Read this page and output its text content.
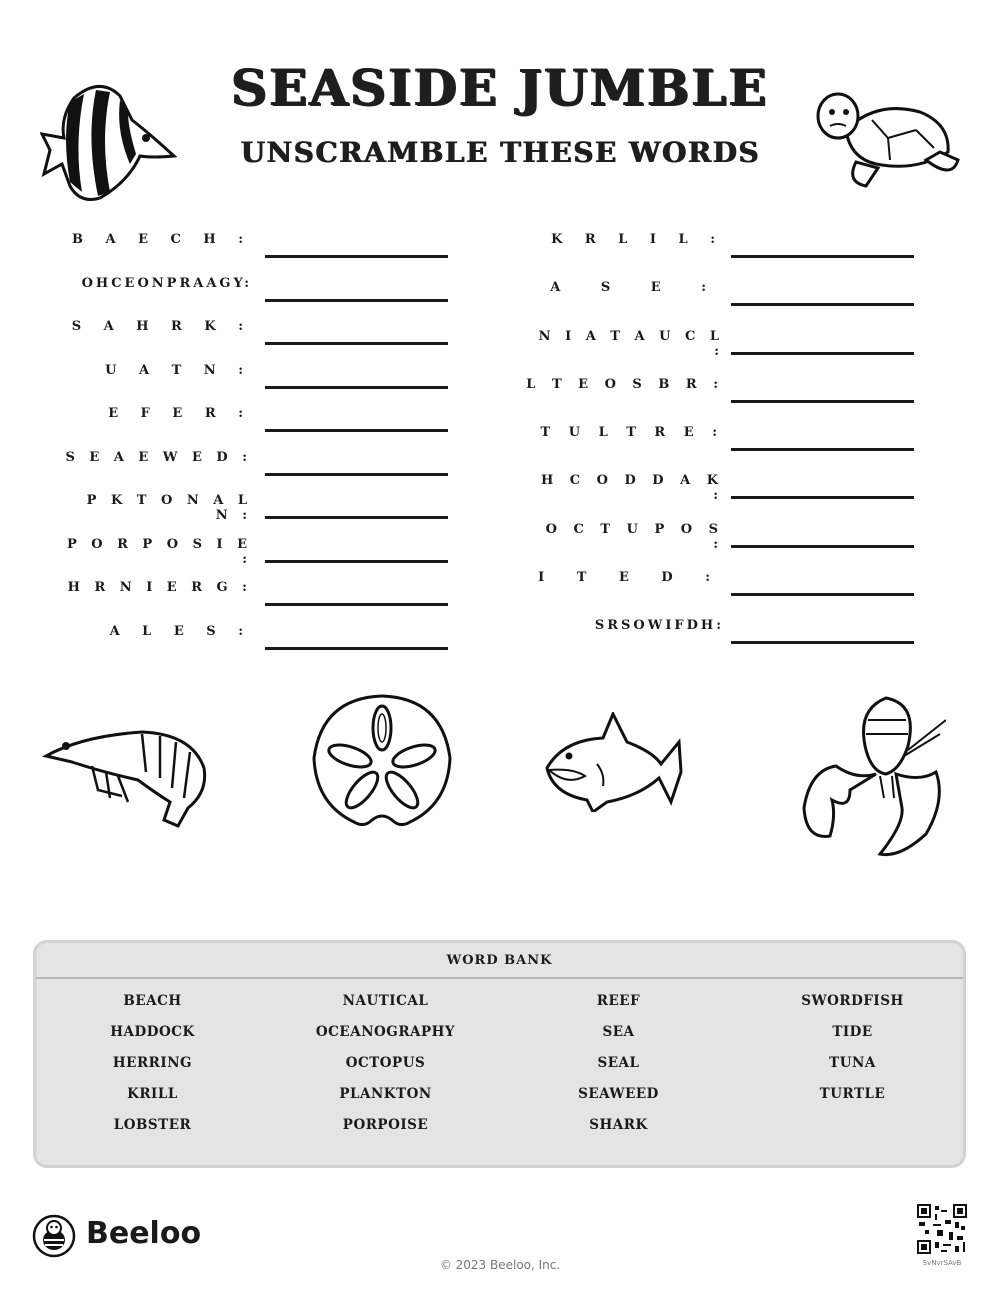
SEASIDE JUMBLE
UNSCRAMBLE THESE WORDS
B A E C H :
OHCEONPRAAGY:
S A H R K :
U A T N :
E F E R :
S E A E W E D :
P K T O N A L N :
P O R P O S I E :
H R N I E R G :
A L E S :
K R L I L :
A S E :
N I A T A U C L :
L T E O S B R :
T U L T R E :
H C O D D A K :
O C T U P O S :
I T E D :
SRSOWIFDH:
WORD BANK
BEACH
HADDOCK
HERRING
KRILL
LOBSTER
NAUTICAL
OCEANOGRAPHY
OCTOPUS
PLANKTON
PORPOISE
REEF
SEA
SEAL
SEAWEED
SHARK
SWORDFISH
TIDE
TUNA
TURTLE
Beeloo
© 2023 Beeloo, Inc.	SvNvrSAvB
